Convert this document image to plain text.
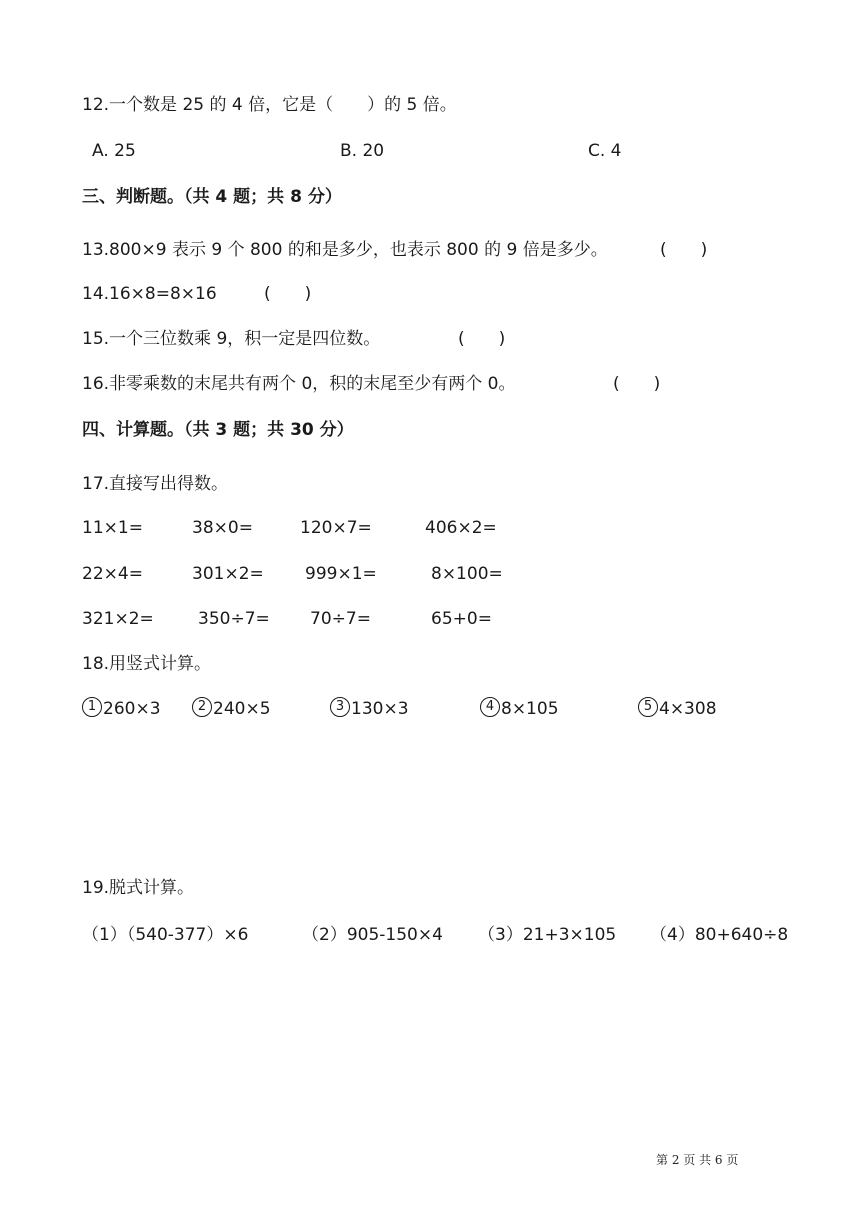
12.一个数是 25 的 4 倍，它是（　　）的 5 倍。
A. 25	B. 20	C. 4
三、判断题。（共 4 题；共 8 分）
13.800×9 表示 9 个 800 的和是多少，也表示 800 的 9 倍是多少。	(　　)
14.16×8=8×16	(　　)
15.一个三位数乘 9，积一定是四位数。	(　　)
16.非零乘数的末尾共有两个 0，积的末尾至少有两个 0。	(　　)
四、计算题。（共 3 题；共 30 分）
17.直接写出得数。
11×1=	38×0=	120×7=	406×2=
22×4=	301×2= 999×1=	8×100=
321×2=	350÷7= 70÷7=	65+0=
18.用竖式计算。
1 260×3	2 240×5	3 130×3	4 8×105	5 4×308
19.脱式计算。
（1）（540-377）×6	（2）905-150×4 （3）21+3×105 （4）80+640÷8
第 2 页 共 6 页
